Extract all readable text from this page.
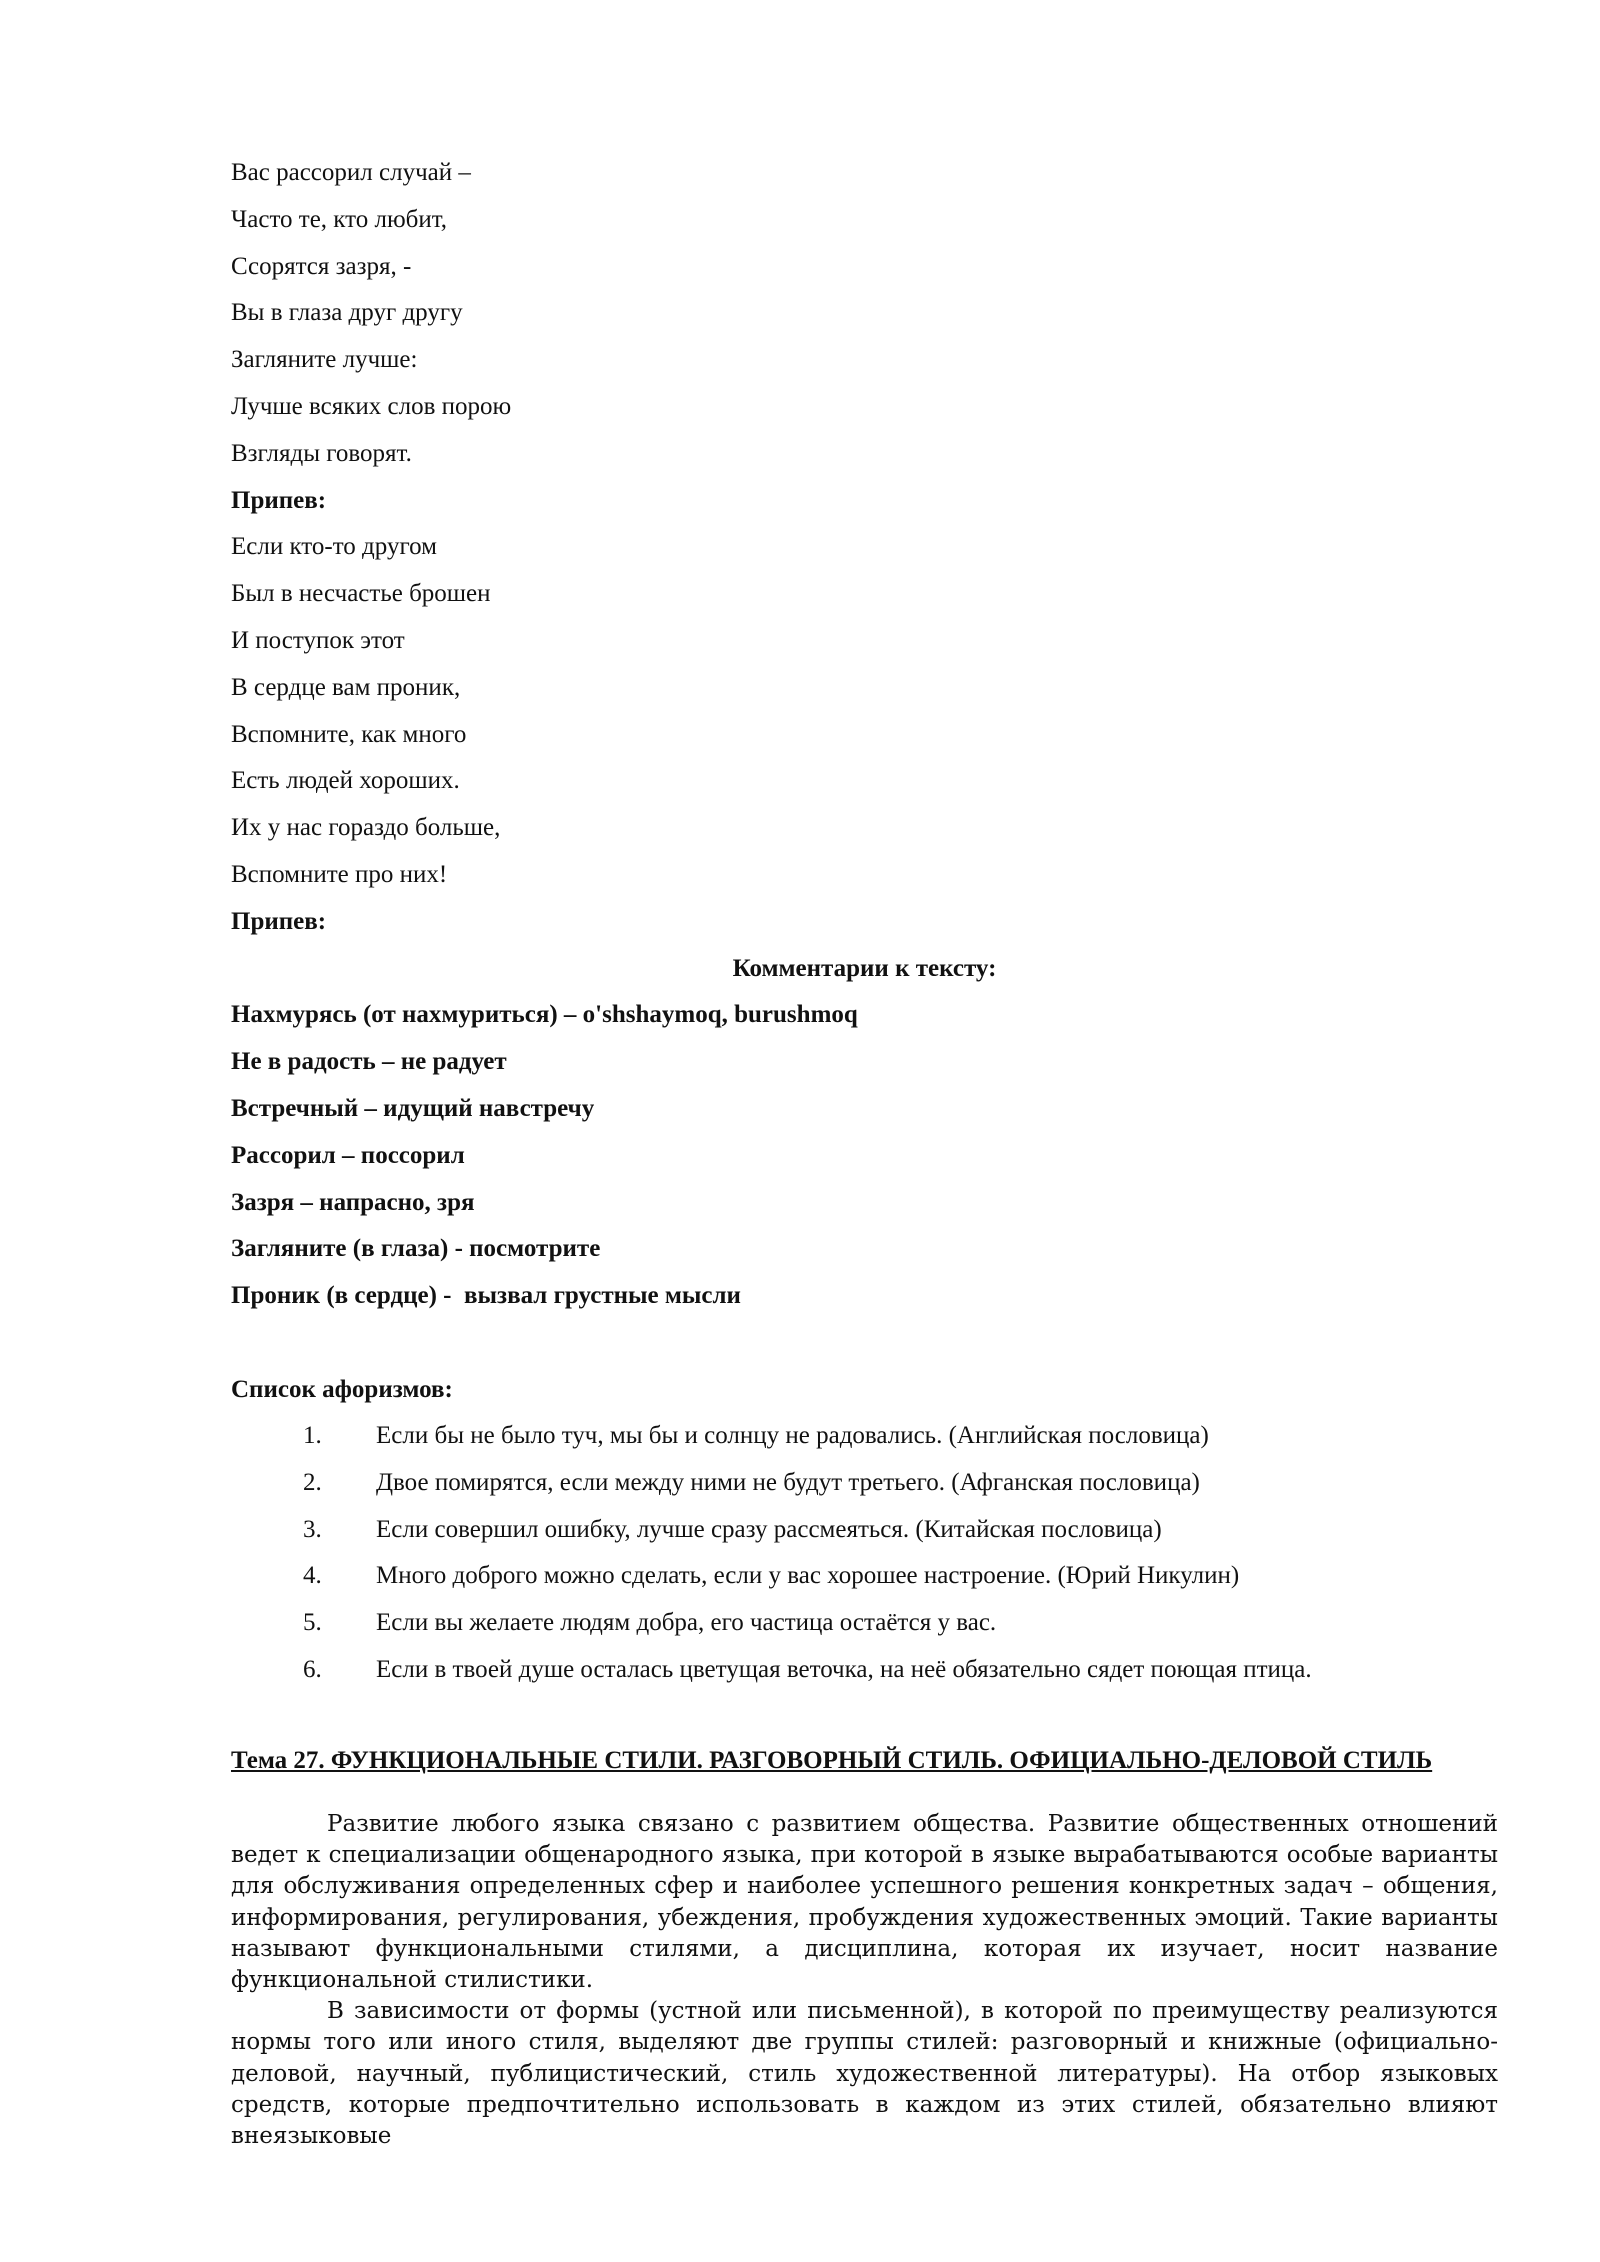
Вас рассорил случай –
Часто те, кто любит,
Ссорятся зазря, -
Вы в глаза друг другу
Загляните лучше:
Лучше всяких слов порою
Взгляды говорят.
Припев:
Если кто-то другом
Был в несчастье брошен
И поступок этот
В сердце вам проник,
Вспомните, как много
Есть людей хороших.
Их у нас гораздо больше,
Вспомните про них!
Припев:
Комментарии к тексту:
Нахмурясь (от нахмуриться) – o'shshaymoq, burushmoq
Не в радость – не радует
Встречный – идущий навстречу
Рассорил – поссорил
Зазря – напрасно, зря
Загляните (в глаза) - посмотрите
Проник (в сердце) -  вызвал грустные мысли
Список афоризмов:
1. Если бы не было туч, мы бы и солнцу не радовались. (Английская пословица)
2. Двое помирятся, если между ними не будут третьего. (Афганская пословица)
3. Если совершил ошибку, лучше сразу рассмеяться. (Китайская пословица)
4. Много доброго можно сделать, если у вас хорошее настроение. (Юрий Никулин)
5. Если вы желаете людям добра, его частица остаётся у вас.
6. Если в твоей душе осталась цветущая веточка, на неё обязательно сядет поющая птица.
Тема 27. ФУНКЦИОНАЛЬНЫЕ СТИЛИ. РАЗГОВОРНЫЙ СТИЛЬ. ОФИЦИАЛЬНО-ДЕЛОВОЙ СТИЛЬ

Развитие любого языка связано с развитием общества. Развитие общественных отношений ведет к специализации общенародного языка, при которой в языке вырабатываются особые варианты для обслуживания определенных сфер и наиболее успешного решения конкретных задач – общения, информирования, регулирования, убеждения, пробуждения художественных эмоций. Такие варианты называют функциональными стилями, а дисциплина, которая их изучает, носит название функциональной стилистики.

В зависимости от формы (устной или письменной), в которой по преимуществу реализуются нормы того или иного стиля, выделяют две группы стилей: разговорный и книжные (официально-деловой, научный, публицистический, стиль художественной литературы). На отбор языковых средств, которые предпочтительно использовать в каждом из этих стилей, обязательно влияют внеязыковые
